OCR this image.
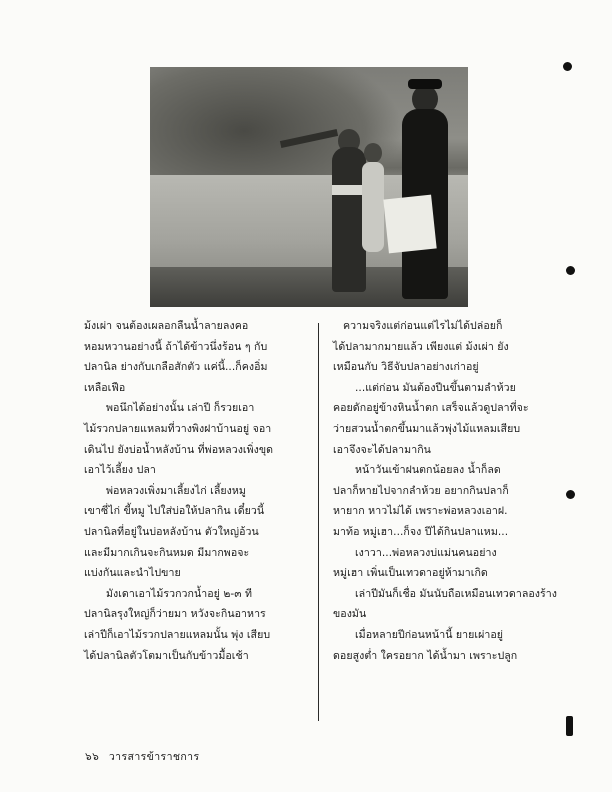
ม้งเผ่า จนต้องเผลอกลืนน้ำลายลงคอ

หอมหวานอย่างนี้ ถ้าได้ข้าวนึ่งร้อน ๆ กับ

ปลานิล ย่างกับเกลือสักตัว แค่นี้...ก็คงอิ่ม

เหลือเฟือ

พอนึกได้อย่างนั้น เล่าปี ก็รวยเอา

ไม้รวกปลายแหลมที่วางพิงฝาบ้านอยู่ จอา

เดินไป ยังบ่อน้ำหลังบ้าน ที่พ่อหลวงเพิ่งขุด

เอาไว้เลี้ยง ปลา

พ่อหลวงเพิ่งมาเลี้ยงไก่ เลี้ยงหมู

เขาซี่ไก่ ขี้หมู ไปใส่บ่อให้ปลากิน เดี๋ยวนี้

ปลานิลที่อยู่ในบ่อหลังบ้าน ตัวใหญ่อ้วน

และมีมากเกินจะกินหมด มีมากพอจะ

แบ่งกันและนำไปขาย

มังเดาเอาไม้รวกวกน้ำอยู่ ๒-๓ ที

ปลานิลรุงใหญ่ก็ว่ายมา หวังจะกินอาหาร

เล่าปีก็เอาไม้รวกปลายแหลมนั้น พุ่ง เสียบ

ได้ปลานิลตัวโตมาเป็นกับข้าวมื้อเช้า

ความจริงแต่ก่อนแต่ไรไม่ได้ปล่อยก็

ได้ปลามากมายแล้ว เพียงแต่ ม้งเผ่า ยัง

เหมือนกับ วิธีจับปลาอย่างเก่าอยู่

...แต่ก่อน มันต้องปีนขึ้นตามลำห้วย

คอยดักอยู่ข้างหินน้ำตก เสร็จแล้วดูปลาที่จะ

ว่ายสวนน้ำตกขึ้นมาแล้วพุ่งไม้แหลมเสียบ

เอาจึงจะได้ปลามากิน

หน้าวันเข้าฝนตกน้อยลง น้ำก็ลด

ปลาก็หายไปจากลำห้วย อยากกินปลาก็

หายาก หาวไม่ได้ เพราะพ่อหลวงเอาฝ.

มาท้อ หมู่เฮา...ก็จง ปีได้กินปลาแหม...

เงาวา...พ่อหลวงบ่แม่นคนอย่าง

หมู่เฮา เพิ่นเป็นเทวดาอยู่ห้ามาเกิด

เล่าปีมันก็เชื่อ มันนับถือเหมือนเทวดาลองร้าง

ของมัน

เมื่อหลายปีก่อนหน้านี้ ยายเผ่าอยู่

ดอยสูงต่ำ ใครอยาก ได้น้ำมา เพราะปลูก

๖๖ วารสารข้าราชการ
